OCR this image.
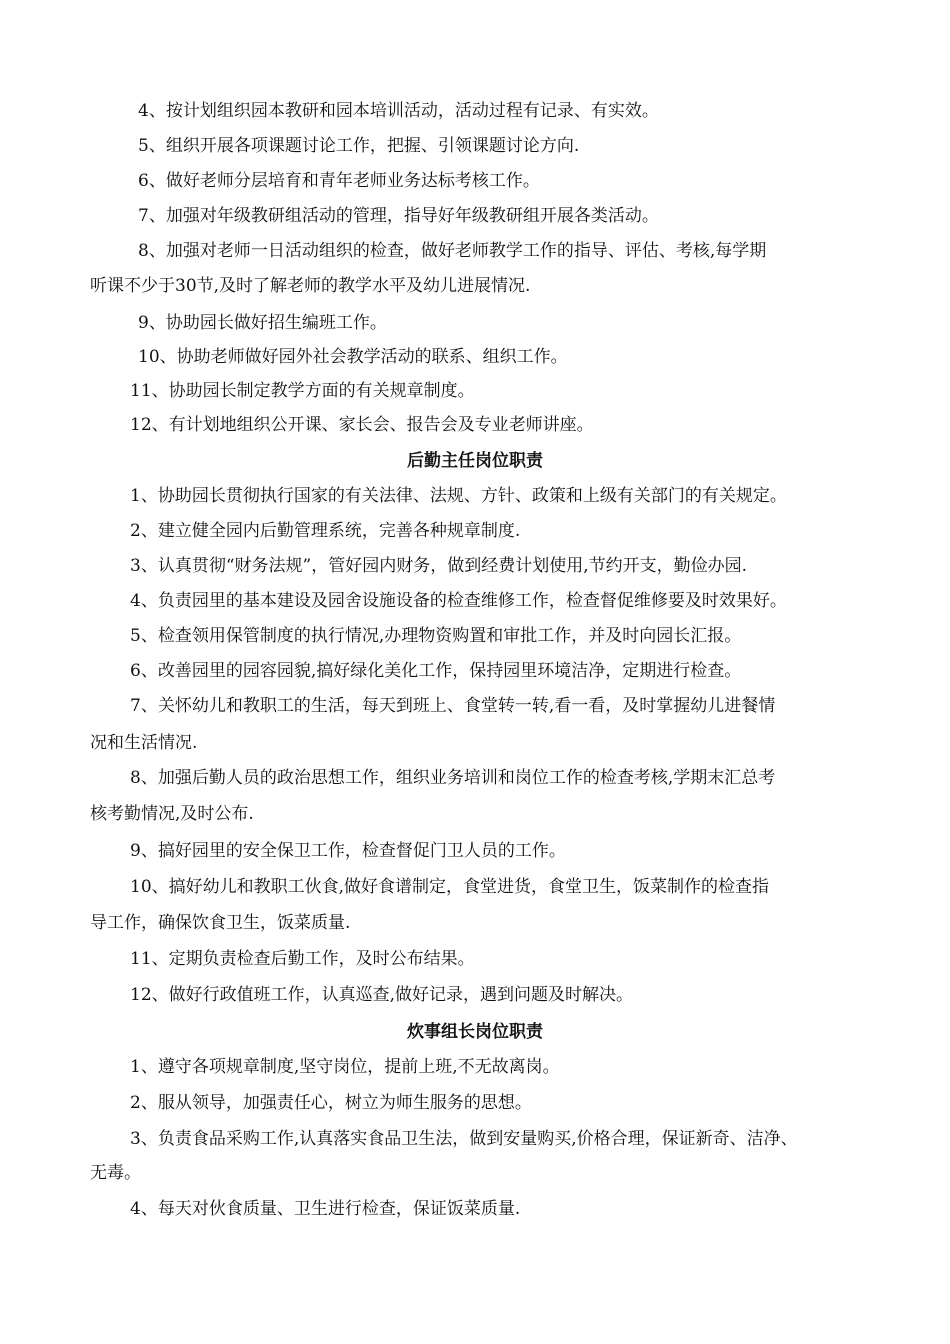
4、按计划组织园本教研和园本培训活动，活动过程有记录、有实效。
5、组织开展各项课题讨论工作，把握、引领课题讨论方向.
6、做好老师分层培育和青年老师业务达标考核工作。
7、加强对年级教研组活动的管理，指导好年级教研组开展各类活动。
8、加强对老师一日活动组织的检查，做好老师教学工作的指导、评估、考核,每学期
听课不少于30节,及时了解老师的教学水平及幼儿进展情况.
9、协助园长做好招生编班工作。
10、协助老师做好园外社会教学活动的联系、组织工作。
11、协助园长制定教学方面的有关规章制度。
12、有计划地组织公开课、家长会、报告会及专业老师讲座。
后勤主任岗位职责
1、协助园长贯彻执行国家的有关法律、法规、方针、政策和上级有关部门的有关规定。
2、建立健全园内后勤管理系统，完善各种规章制度.
3、认真贯彻“财务法规”，管好园内财务，做到经费计划使用,节约开支，勤俭办园.
4、负责园里的基本建设及园舍设施设备的检查维修工作，检查督促维修要及时效果好。
5、检查领用保管制度的执行情况,办理物资购置和审批工作，并及时向园长汇报。
6、改善园里的园容园貌,搞好绿化美化工作，保持园里环境洁净，定期进行检查。
7、关怀幼儿和教职工的生活，每天到班上、食堂转一转,看一看，及时掌握幼儿进餐情
况和生活情况.
8、加强后勤人员的政治思想工作，组织业务培训和岗位工作的检查考核,学期末汇总考
核考勤情况,及时公布.
9、搞好园里的安全保卫工作，检查督促门卫人员的工作。
10、搞好幼儿和教职工伙食,做好食谱制定，食堂进货，食堂卫生，饭菜制作的检查指
导工作，确保饮食卫生，饭菜质量.
11、定期负责检查后勤工作，及时公布结果。
12、做好行政值班工作，认真巡查,做好记录，遇到问题及时解决。
炊事组长岗位职责
1、遵守各项规章制度,坚守岗位，提前上班,不无故离岗。
2、服从领导，加强责任心，树立为师生服务的思想。
3、负责食品采购工作,认真落实食品卫生法，做到安量购买,价格合理，保证新奇、洁净、
无毒。
4、每天对伙食质量、卫生进行检查，保证饭菜质量.
